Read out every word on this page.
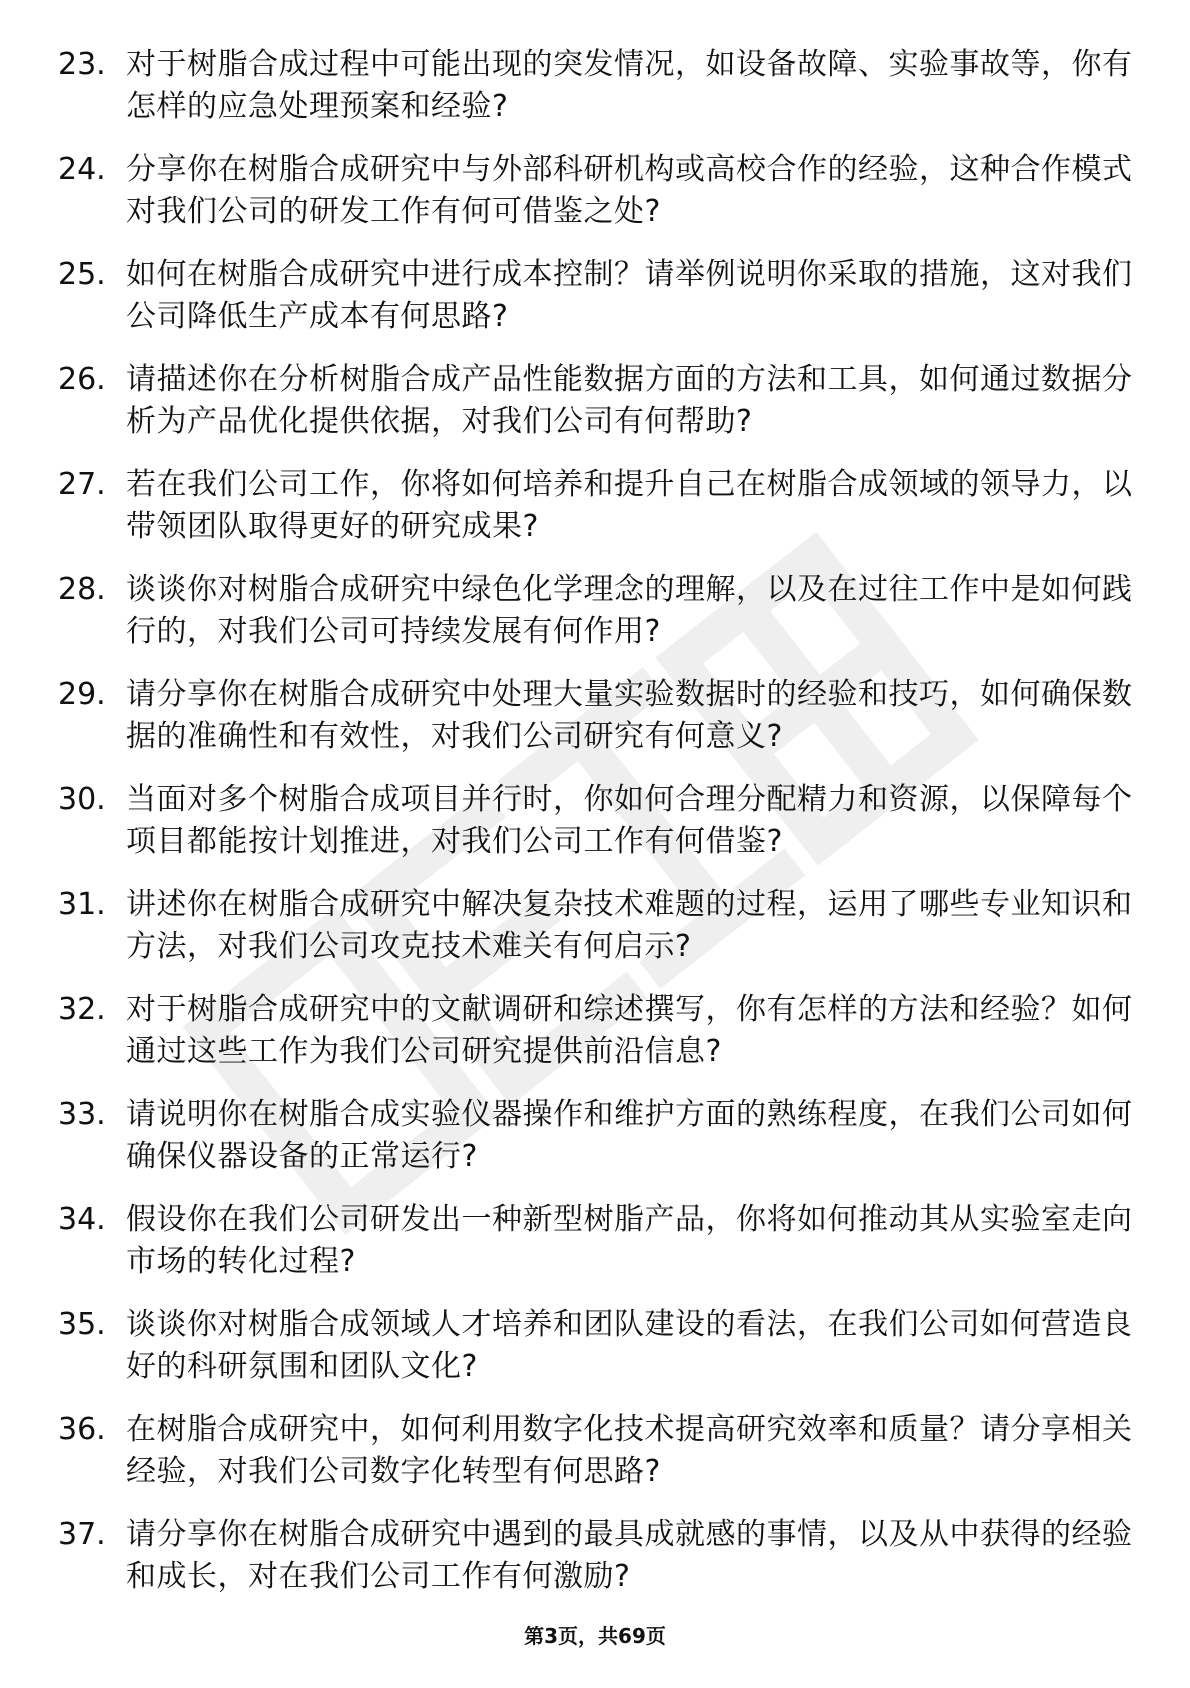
23. 对于树脂合成过程中可能出现的突发情况，如设备故障、实验事故等，你有怎样的应急处理预案和经验?
24. 分享你在树脂合成研究中与外部科研机构或高校合作的经验，这种合作模式对我们公司的研发工作有何可借鉴之处?
25. 如何在树脂合成研究中进行成本控制？请举例说明你采取的措施，这对我们公司降低生产成本有何思路?
26. 请描述你在分析树脂合成产品性能数据方面的方法和工具，如何通过数据分析为产品优化提供依据，对我们公司有何帮助?
27. 若在我们公司工作，你将如何培养和提升自己在树脂合成领域的领导力，以带领团队取得更好的研究成果?
28. 谈谈你对树脂合成研究中绿色化学理念的理解，以及在过往工作中是如何践行的，对我们公司可持续发展有何作用?
29. 请分享你在树脂合成研究中处理大量实验数据时的经验和技巧，如何确保数据的准确性和有效性，对我们公司研究有何意义?
30. 当面对多个树脂合成项目并行时，你如何合理分配精力和资源，以保障每个项目都能按计划推进，对我们公司工作有何借鉴?
31. 讲述你在树脂合成研究中解决复杂技术难题的过程，运用了哪些专业知识和方法，对我们公司攻克技术难关有何启示?
32. 对于树脂合成研究中的文献调研和综述撰写，你有怎样的方法和经验？如何通过这些工作为我们公司研究提供前沿信息?
33. 请说明你在树脂合成实验仪器操作和维护方面的熟练程度，在我们公司如何确保仪器设备的正常运行?
34. 假设你在我们公司研发出一种新型树脂产品，你将如何推动其从实验室走向市场的转化过程?
35. 谈谈你对树脂合成领域人才培养和团队建设的看法，在我们公司如何营造良好的科研氛围和团队文化?
36. 在树脂合成研究中，如何利用数字化技术提高研究效率和质量？请分享相关经验，对我们公司数字化转型有何思路?
37. 请分享你在树脂合成研究中遇到的最具成就感的事情，以及从中获得的经验和成长，对在我们公司工作有何激励?
第3页，共69页
